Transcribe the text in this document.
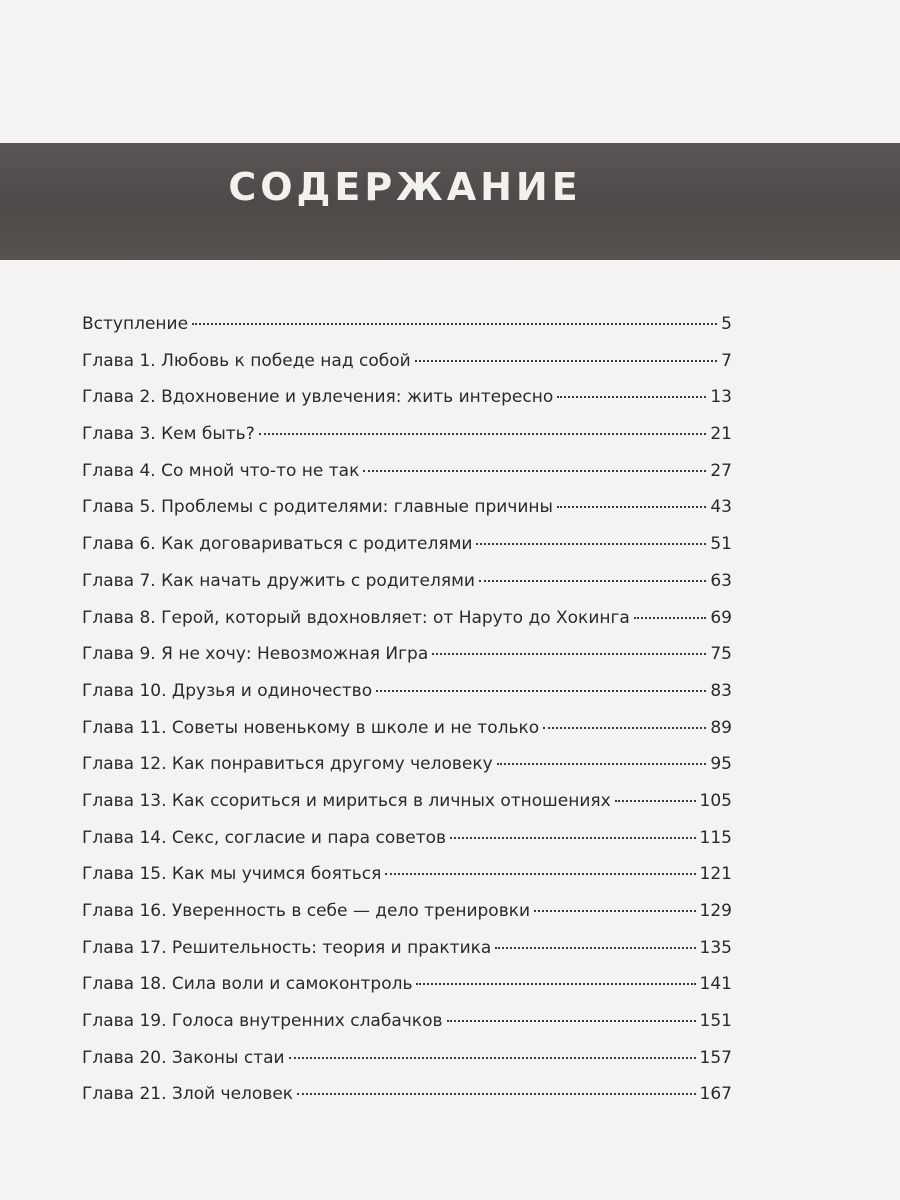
СОДЕРЖАНИЕ
Вступление	5
Глава 1. Любовь к победе над собой	7
Глава 2. Вдохновение и увлечения: жить интересно	13
Глава 3. Кем быть?	21
Глава 4. Со мной что-то не так	27
Глава 5. Проблемы с родителями: главные причины	43
Глава 6. Как договариваться с родителями	51
Глава 7. Как начать дружить с родителями	63
Глава 8. Герой, который вдохновляет: от Наруто до Хокинга	69
Глава 9. Я не хочу: Невозможная Игра	75
Глава 10. Друзья и одиночество	83
Глава 11. Советы новенькому в школе и не только	89
Глава 12. Как понравиться другому человеку	95
Глава 13. Как ссориться и мириться в личных отношениях	105
Глава 14. Секс, согласие и пара советов	115
Глава 15. Как мы учимся бояться	121
Глава 16. Уверенность в себе — дело тренировки	129
Глава 17. Решительность: теория и практика	135
Глава 18. Сила воли и самоконтроль	141
Глава 19. Голоса внутренних слабачков	151
Глава 20. Законы стаи	157
Глава 21. Злой человек	167
